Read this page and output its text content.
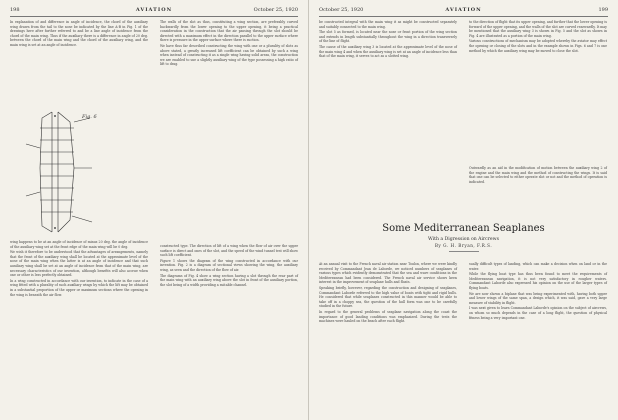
198	AVIATION	October 25, 1920

In explanation of and difference in angle of incidence, the chord of the auxiliary wing drawn from the tail to the nose be indicated by the line A-B in Fig. 1 of the drawings here after further referred to and be a line angle of incidence from the chord of the main wing. Thus if the auxiliary there is a difference in angle of 20 deg. between the chord of the main wing and the chord of the auxiliary wing, and the main wing is set at an angle of incidence.

The walls of the slot as thus, constituting a wing section, are preferably curved backwardly from the lower opening to the upper opening, it being a practical consideration in the construction that the air passing through the slot should be directed with a maximum effect in the direction parallel to the upper surface where there is pressure in the upper surface where there is suction.

We have thus far described constructing the wing with one or a plurality of slots as above stated, a greatly increased lift coefficient can be obtained by such a wing when instead of constructing it as a single wing having solid areas, the construction we are enabled to use a slightly auxiliary wing of the type possessing a high ratio of lift to drag.

Fig. 6

wing happens to be at an angle of incidence of minus 20 deg. the angle of incidence of the auxiliary wing set at the front edge of the main wing will be 0 deg.

We wish it therefore to be understood that the advantages of arrangements, namely that the front of the auxiliary wing shall be located at the approximate level of the nose of the main wing when the latter is at an angle of incidence and that such auxiliary wing shall be set at an angle of incidence from that of the main wing, are necessary characteristics of our invention, although benefits will also accrue when one or other is less perfectly obtained.

In a wing constructed in accordance with our invention, to indicate in the case of a wing fitted with a plurality of such auxiliary wings by which the lift may be obtained in a substantial proportion of the upper or maximum sections where the opening in the wing is beneath the air flow.

constructed type. The direction of lift of a wing when the flow of air over the upper surface is direct and ones of the slot, and the speed of the wind tunnel test will show such lift coefficient.

Figure 1 shows the diagram of the wing constructed in accordance with our invention. Fig. 2 is a diagram of sectional views showing the wing, the auxiliary wing, as seen and the direction of the flow of air.

The diagrams of Fig. 4 show a wing section having a slot through the rear part of the main wing with an auxiliary wing above the slot in front of the auxiliary portion, the slot being of a width providing a suitable channel.

October 25, 1920	AVIATION	199

be constructed integral with the main wing it as might be constructed separately and suitably connected to the main wing.

The slot 5 as formed, is located near the nose or front portion of the wing section and extends in length substantially throughout the wing in a direction transversely of the line of flight.

The cause of the auxiliary wing 3 is located at the approximate level of the nose of the main wing 4 and when the auxiliary wing is set at an angle of incidence less than that of the main wing, it serves to act as a slotted wing.

to the direction of flight that its upper opening, and further that the lower opening is forward of the upper opening, and the walls of the slot are curved rearwardly. It may be mentioned that the auxiliary wing 3 is shown in Fig. 5 and the slot as shown in Fig. 4 are illustrated as a portion of the main wing.

Various constructions of mechanism may be adopted whereby the aviator may effect the opening or closing of the slots and in the example shown in Figs. 6 and 7 is one method by which the auxiliary wing may be moved to close the slot.

Outwardly as an aid in the modification of motion between the auxiliary wing 2 of the engine and the main wing and the method of constructing the wings. It is said that one can be selected to either operate slot or not and the method of operation is indicated.

Some Mediterranean Seaplanes
With a Digression on Aircrews
By G. H. Bryan, F.R.S.

At an annual visit to the French naval air station near Toulon, where we were kindly received by Commandant Jean de Laborde, we noticed numbers of seaplanes of various types which evidently demonstrated that the sea and wave conditions in the Mediterranean had been considered. The French naval air service shows keen interest in the improvement of seaplane hulls and floats.

Speaking briefly, however, regarding the construction and designing of seaplanes, Commandant Laborde referred to the high value of boats with tight and rigid hulls. He considered that while seaplanes constructed in this manner would be able to take off in a choppy sea, the question of the hull form was one to be carefully studied in the future.

In regard to the general problems of seaplane navigation along the coast the importance of good landing conditions was emphasized. During the tests the machines were hauled on the beach after each flight.

sually difficult types of landing, which can make a decision when on land or in the water.

While the flying boat type has thus been found to meet the requirements of Mediterranean navigation, it is not very satisfactory in rougher waters. Commandant Laborde also expressed his opinion on the use of the larger types of flying boats.

We are now shown a biplane that was being experimented with, having both upper and lower wings of the same span, a design which, it was said, gave a very large measure of stability in flight.

I was next given to learn Commandant Laborde's opinion on the subject of aircrews, on whom so much depends in the case of a long flight, the question of physical fitness being a very important one.
